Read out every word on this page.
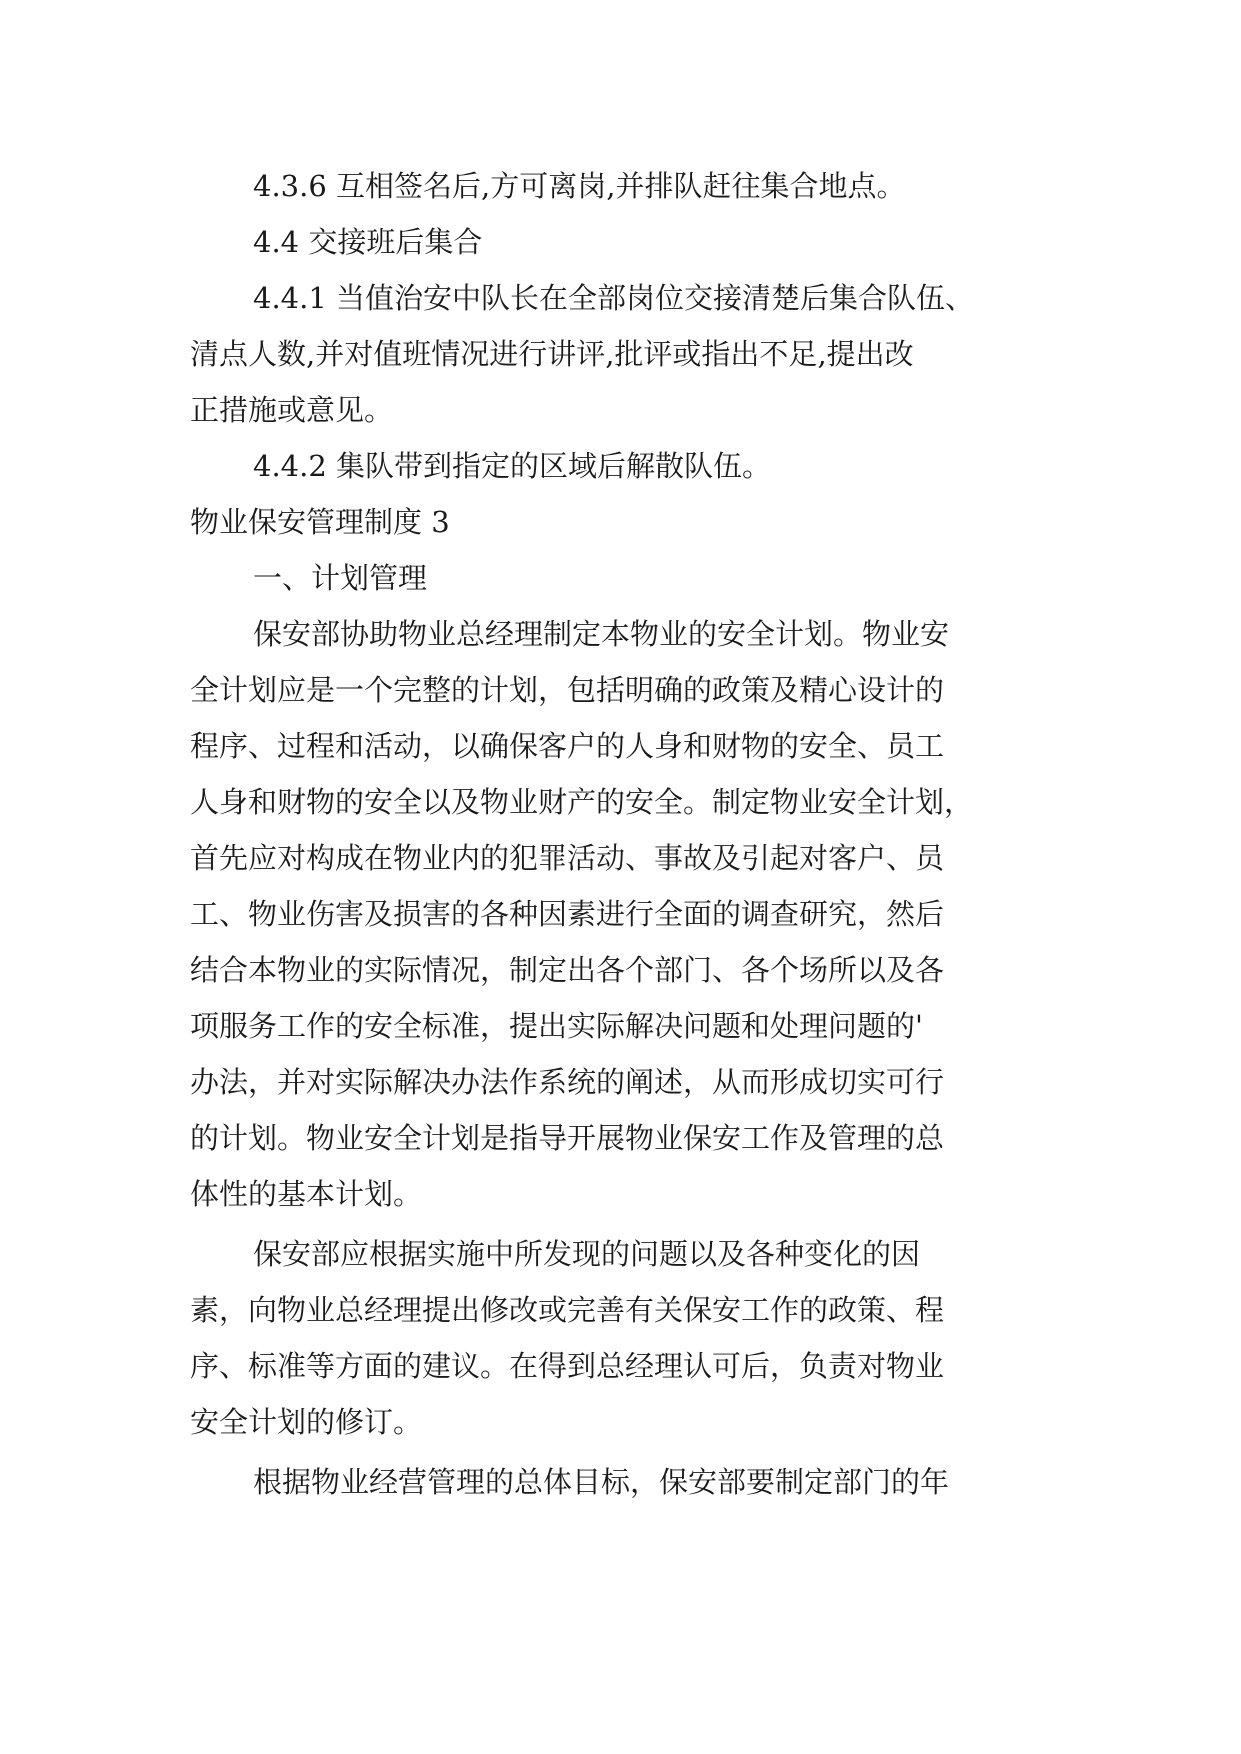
4.3.6 互相签名后,方可离岗,并排队赶往集合地点。
4.4 交接班后集合
4.4.1 当值治安中队长在全部岗位交接清楚后集合队伍、
清点人数,并对值班情况进行讲评,批评或指出不足,提出改
正措施或意见。
4.4.2 集队带到指定的区域后解散队伍。
物业保安管理制度 3
一、计划管理
保安部协助物业总经理制定本物业的安全计划。物业安
全计划应是一个完整的计划，包括明确的政策及精心设计的
程序、过程和活动，以确保客户的人身和财物的安全、员工
人身和财物的安全以及物业财产的安全。制定物业安全计划，
首先应对构成在物业内的犯罪活动、事故及引起对客户、员
工、物业伤害及损害的各种因素进行全面的调查研究，然后
结合本物业的实际情况，制定出各个部门、各个场所以及各
项服务工作的安全标准，提出实际解决问题和处理问题的'
办法，并对实际解决办法作系统的阐述，从而形成切实可行
的计划。物业安全计划是指导开展物业保安工作及管理的总
体性的基本计划。
保安部应根据实施中所发现的问题以及各种变化的因
素，向物业总经理提出修改或完善有关保安工作的政策、程
序、标准等方面的建议。在得到总经理认可后，负责对物业
安全计划的修订。
根据物业经营管理的总体目标，保安部要制定部门的年
